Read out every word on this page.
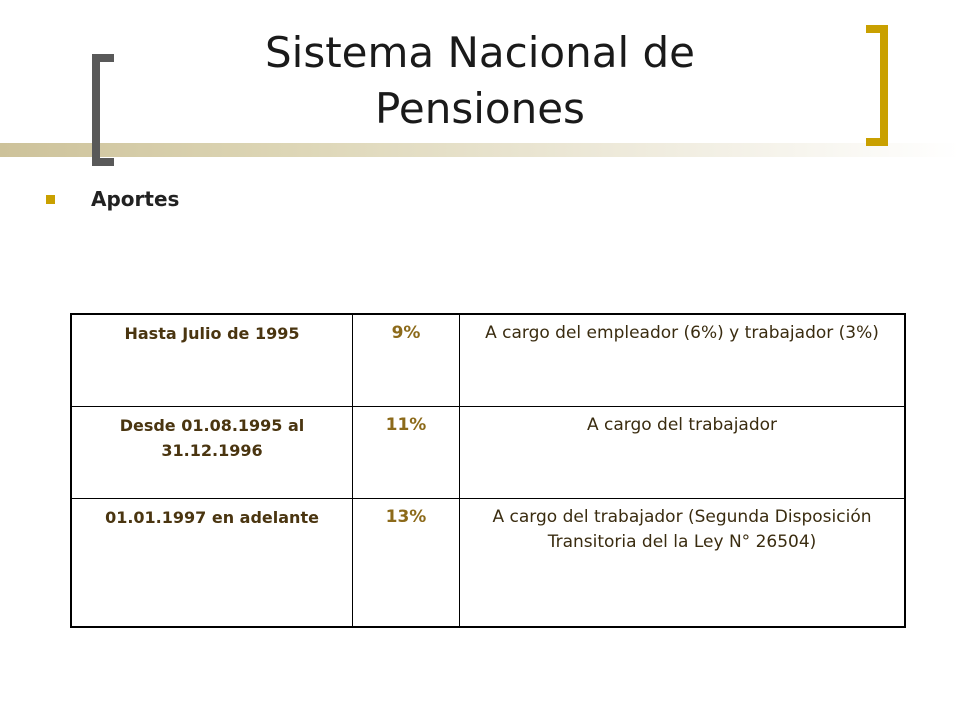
Sistema Nacional de
Pensiones
Aportes
Hasta Julio de 1995	9%	A cargo del empleador (6%) y trabajador (3%)
Desde 01.08.1995 al 31.12.1996	11%	A cargo del trabajador
01.01.1997 en adelante	13%	A cargo del trabajador (Segunda Disposición Transitoria del la Ley N° 26504)
